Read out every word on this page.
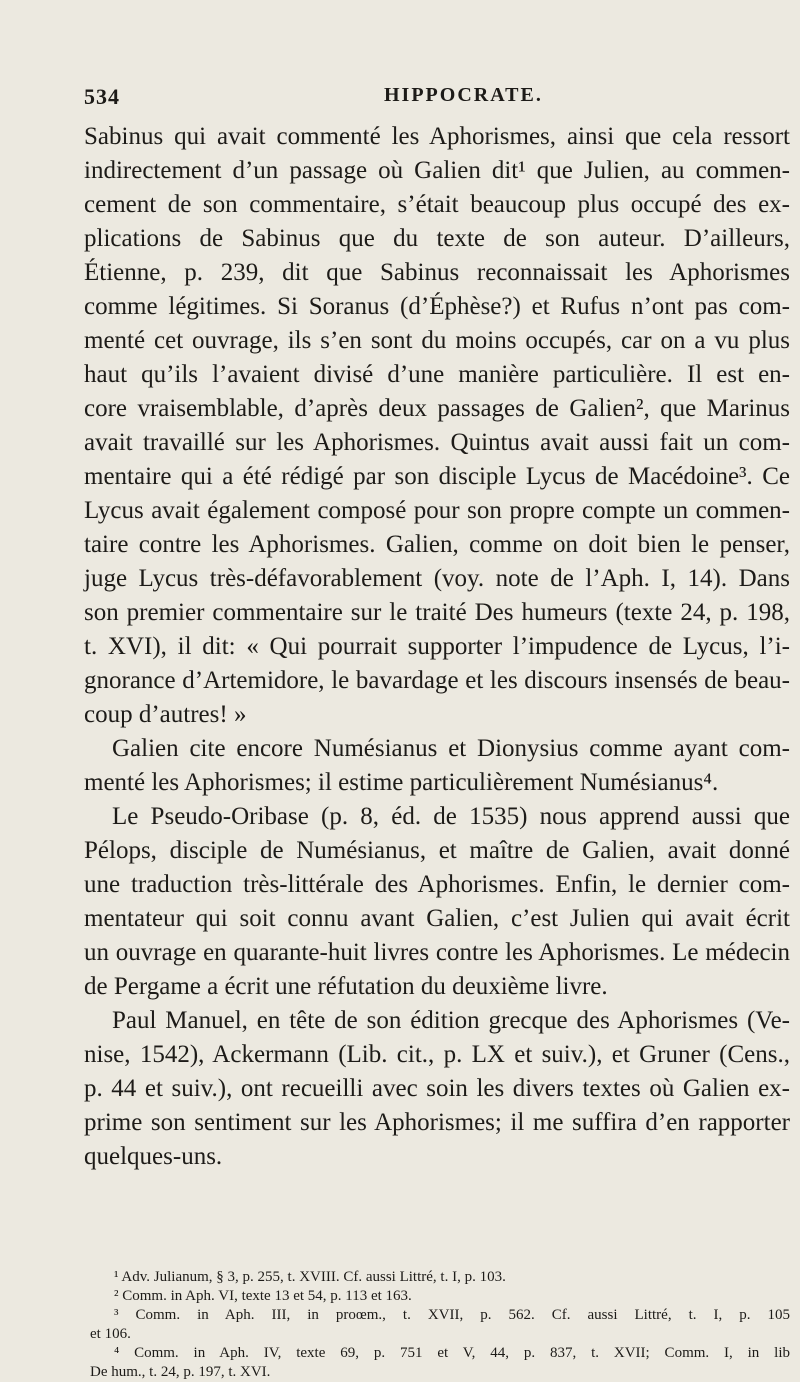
534	HIPPOCRATE.
Sabinus qui avait commenté les Aphorismes, ainsi que cela ressort
indirectement d’un passage où Galien dit¹ que Julien, au commen-
cement de son commentaire, s’était beaucoup plus occupé des ex-
plications de Sabinus que du texte de son auteur. D’ailleurs,
Étienne, p. 239, dit que Sabinus reconnaissait les Aphorismes
comme légitimes. Si Soranus (d’Éphèse?) et Rufus n’ont pas com-
menté cet ouvrage, ils s’en sont du moins occupés, car on a vu plus
haut qu’ils l’avaient divisé d’une manière particulière. Il est en-
core vraisemblable, d’après deux passages de Galien², que Marinus
avait travaillé sur les Aphorismes. Quintus avait aussi fait un com-
mentaire qui a été rédigé par son disciple Lycus de Macédoine³. Ce
Lycus avait également composé pour son propre compte un commen-
taire contre les Aphorismes. Galien, comme on doit bien le penser,
juge Lycus très-défavorablement (voy. note de l’Aph. I, 14). Dans
son premier commentaire sur le traité Des humeurs (texte 24, p. 198,
t. XVI), il dit: « Qui pourrait supporter l’impudence de Lycus, l’i-
gnorance d’Artemidore, le bavardage et les discours insensés de beau-
coup d’autres! »
Galien cite encore Numésianus et Dionysius comme ayant com-
menté les Aphorismes; il estime particulièrement Numésianus⁴.
Le Pseudo-Oribase (p. 8, éd. de 1535) nous apprend aussi que
Pélops, disciple de Numésianus, et maître de Galien, avait donné
une traduction très-littérale des Aphorismes. Enfin, le dernier com-
mentateur qui soit connu avant Galien, c’est Julien qui avait écrit
un ouvrage en quarante-huit livres contre les Aphorismes. Le médecin
de Pergame a écrit une réfutation du deuxième livre.
Paul Manuel, en tête de son édition grecque des Aphorismes (Ve-
nise, 1542), Ackermann (Lib. cit., p. LX et suiv.), et Gruner (Cens.,
p. 44 et suiv.), ont recueilli avec soin les divers textes où Galien ex-
prime son sentiment sur les Aphorismes; il me suffira d’en rapporter
quelques-uns.
¹ Adv. Julianum, § 3, p. 255, t. XVIII. Cf. aussi Littré, t. I, p. 103.
² Comm. in Aph. VI, texte 13 et 54, p. 113 et 163.
³ Comm. in Aph. III, in proœm., t. XVII, p. 562. Cf. aussi Littré, t. I, p. 105
et 106.
⁴ Comm. in Aph. IV, texte 69, p. 751 et V, 44, p. 837, t. XVII; Comm. I, in lib
De hum., t. 24, p. 197, t. XVI.
